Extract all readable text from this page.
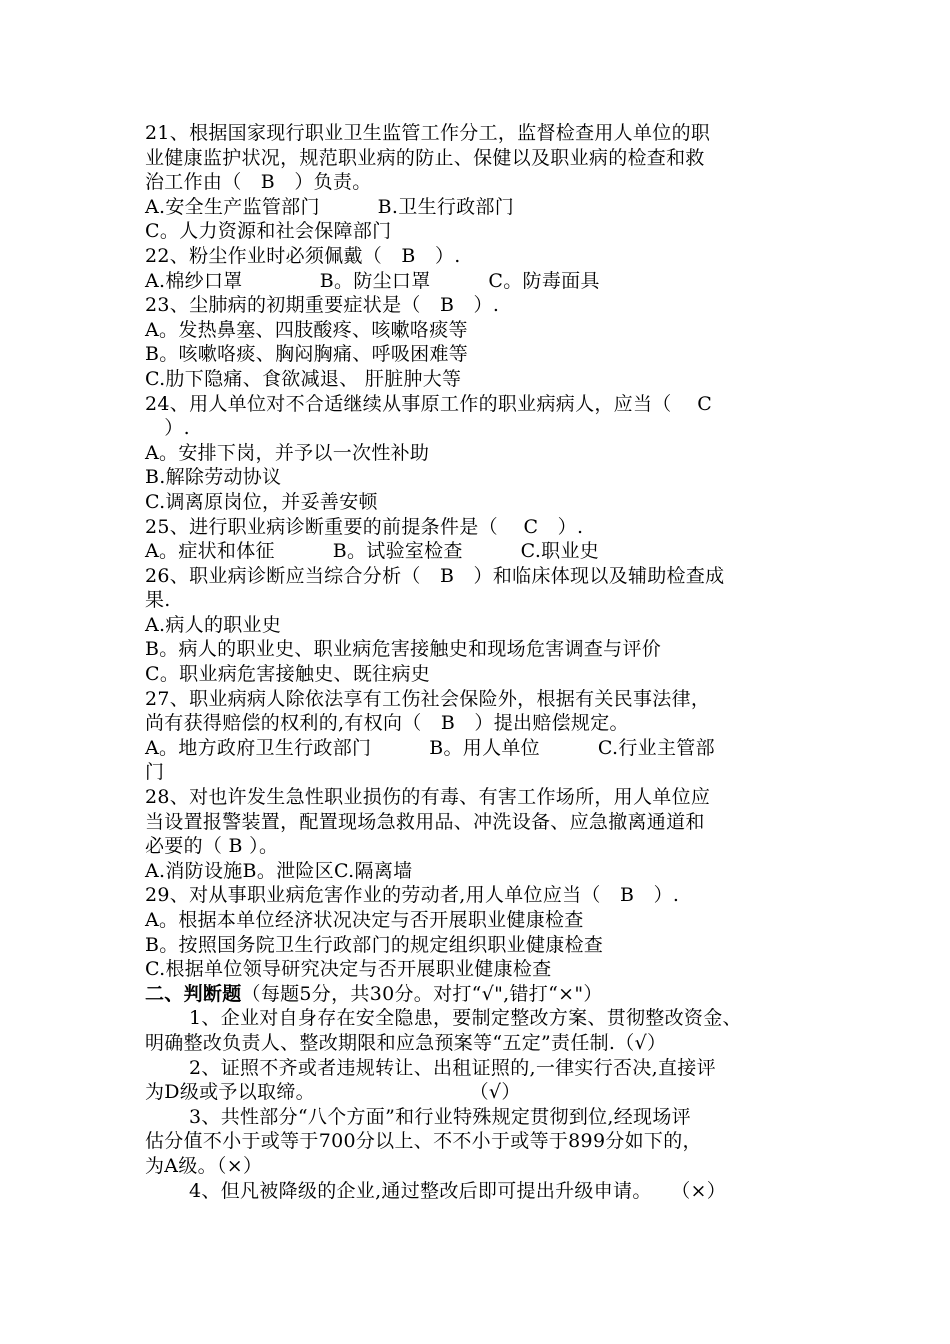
21、根据国家现行职业卫生监管工作分工，监督检查用人单位的职
业健康监护状况，规范职业病的防止、保健以及职业病的检查和救
治工作由（　B　）负责。
A.安全生产监管部门　　　B.卫生行政部门
C。人力资源和社会保障部门
22、粉尘作业时必须佩戴（　B　）.
A.棉纱口罩　　　　B。防尘口罩　　　C。防毒面具
23、尘肺病的初期重要症状是（　B　）.
A。发热鼻塞、四肢酸疼、咳嗽咯痰等
B。咳嗽咯痰、胸闷胸痛、呼吸困难等
C.肋下隐痛、食欲减退、 肝脏肿大等
24、用人单位对不合适继续从事原工作的职业病病人，应当（　 C
　）.
A。安排下岗，并予以一次性补助
B.解除劳动协议
C.调离原岗位，并妥善安顿
25、进行职业病诊断重要的前提条件是（　 C　）.
A。症状和体征　　　B。试验室检查　　　C.职业史
26、职业病诊断应当综合分析（　B　）和临床体现以及辅助检查成
果.
A.病人的职业史
B。病人的职业史、职业病危害接触史和现场危害调查与评价
C。职业病危害接触史、既往病史
27、职业病病人除依法享有工伤社会保险外，根据有关民事法律，
尚有获得赔偿的权利的,有权向（　B　）提出赔偿规定。
A。地方政府卫生行政部门　　　B。用人单位　　　C.行业主管部
门
28、对也许发生急性职业损伤的有毒、有害工作场所，用人单位应
当设置报警装置，配置现场急救用品、冲洗设备、应急撤离通道和
必要的（ B ）。
A.消防设施B。泄险区C.隔离墙
29、对从事职业病危害作业的劳动者,用人单位应当（　B　）.
A。根据本单位经济状况决定与否开展职业健康检查
B。按照国务院卫生行政部门的规定组织职业健康检查
C.根据单位领导研究决定与否开展职业健康检查
二、判断题（每题5分，共30分。对打“√",错打“×"）
1、企业对自身存在安全隐患，要制定整改方案、贯彻整改资金、
明确整改负责人、整改期限和应急预案等“五定”责任制.（√）
2、证照不齐或者违规转让、出租证照的,一律实行否决,直接评
为D级或予以取缔。　　　　　　　　　（√）
3、共性部分“八个方面”和行业特殊规定贯彻到位,经现场评
估分值不小于或等于700分以上、不不小于或等于899分如下的，
为A级。（×）
4、但凡被降级的企业,通过整改后即可提出升级申请。　　（×）
